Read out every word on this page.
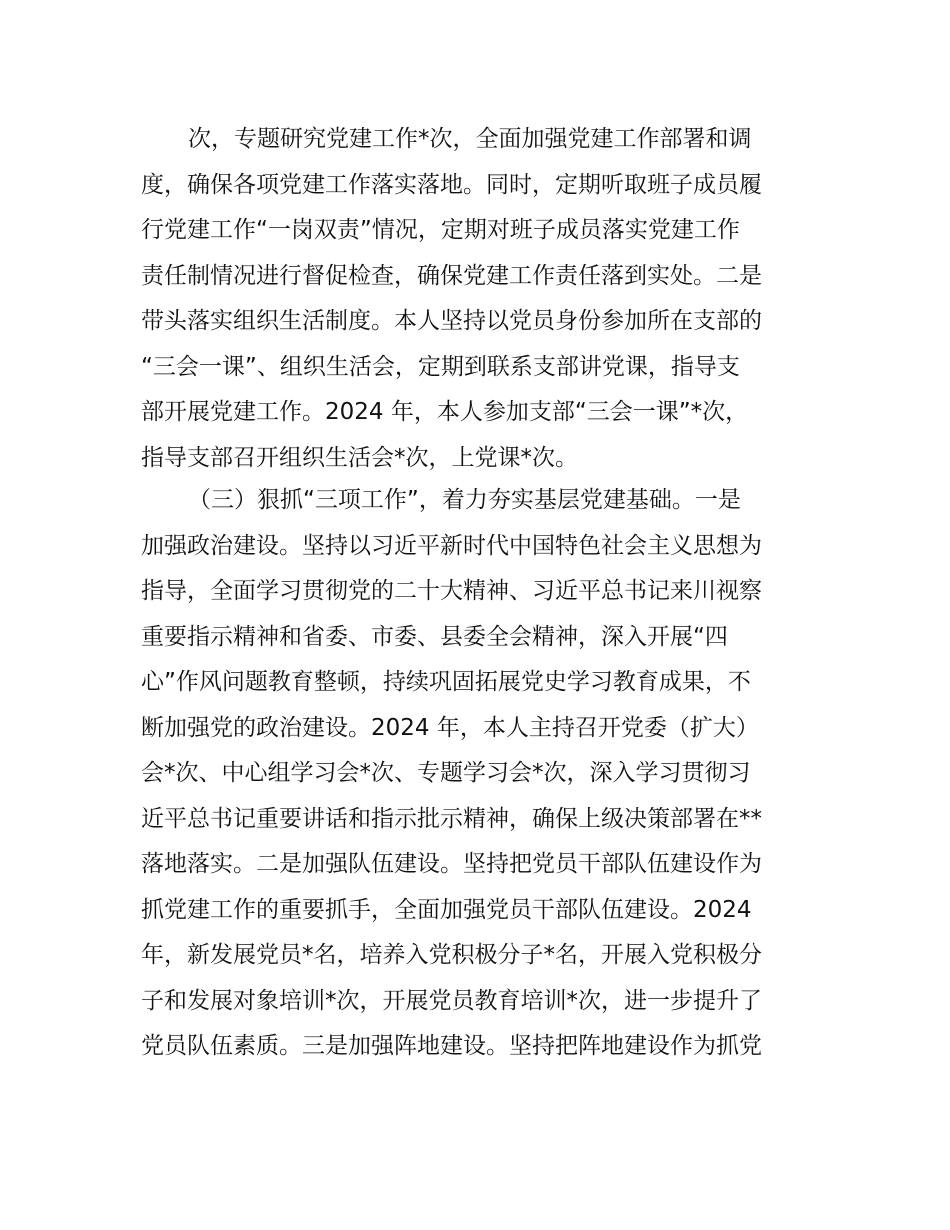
次，专题研究党建工作*次，全面加强党建工作部署和调
度，确保各项党建工作落实落地。同时，定期听取班子成员履
行党建工作“一岗双责”情况，定期对班子成员落实党建工作
责任制情况进行督促检查，确保党建工作责任落到实处。二是
带头落实组织生活制度。本人坚持以党员身份参加所在支部的
“三会一课”、组织生活会，定期到联系支部讲党课，指导支
部开展党建工作。2024 年，本人参加支部“三会一课”*次，
指导支部召开组织生活会*次，上党课*次。
（三）狠抓“三项工作”，着力夯实基层党建基础。一是
加强政治建设。坚持以习近平新时代中国特色社会主义思想为
指导，全面学习贯彻党的二十大精神、习近平总书记来川视察
重要指示精神和省委、市委、县委全会精神，深入开展“四
心”作风问题教育整顿，持续巩固拓展党史学习教育成果，不
断加强党的政治建设。2024 年，本人主持召开党委（扩大）
会*次、中心组学习会*次、专题学习会*次，深入学习贯彻习
近平总书记重要讲话和指示批示精神，确保上级决策部署在**
落地落实。二是加强队伍建设。坚持把党员干部队伍建设作为
抓党建工作的重要抓手，全面加强党员干部队伍建设。2024
年，新发展党员*名，培养入党积极分子*名，开展入党积极分
子和发展对象培训*次，开展党员教育培训*次，进一步提升了
党员队伍素质。三是加强阵地建设。坚持把阵地建设作为抓党
